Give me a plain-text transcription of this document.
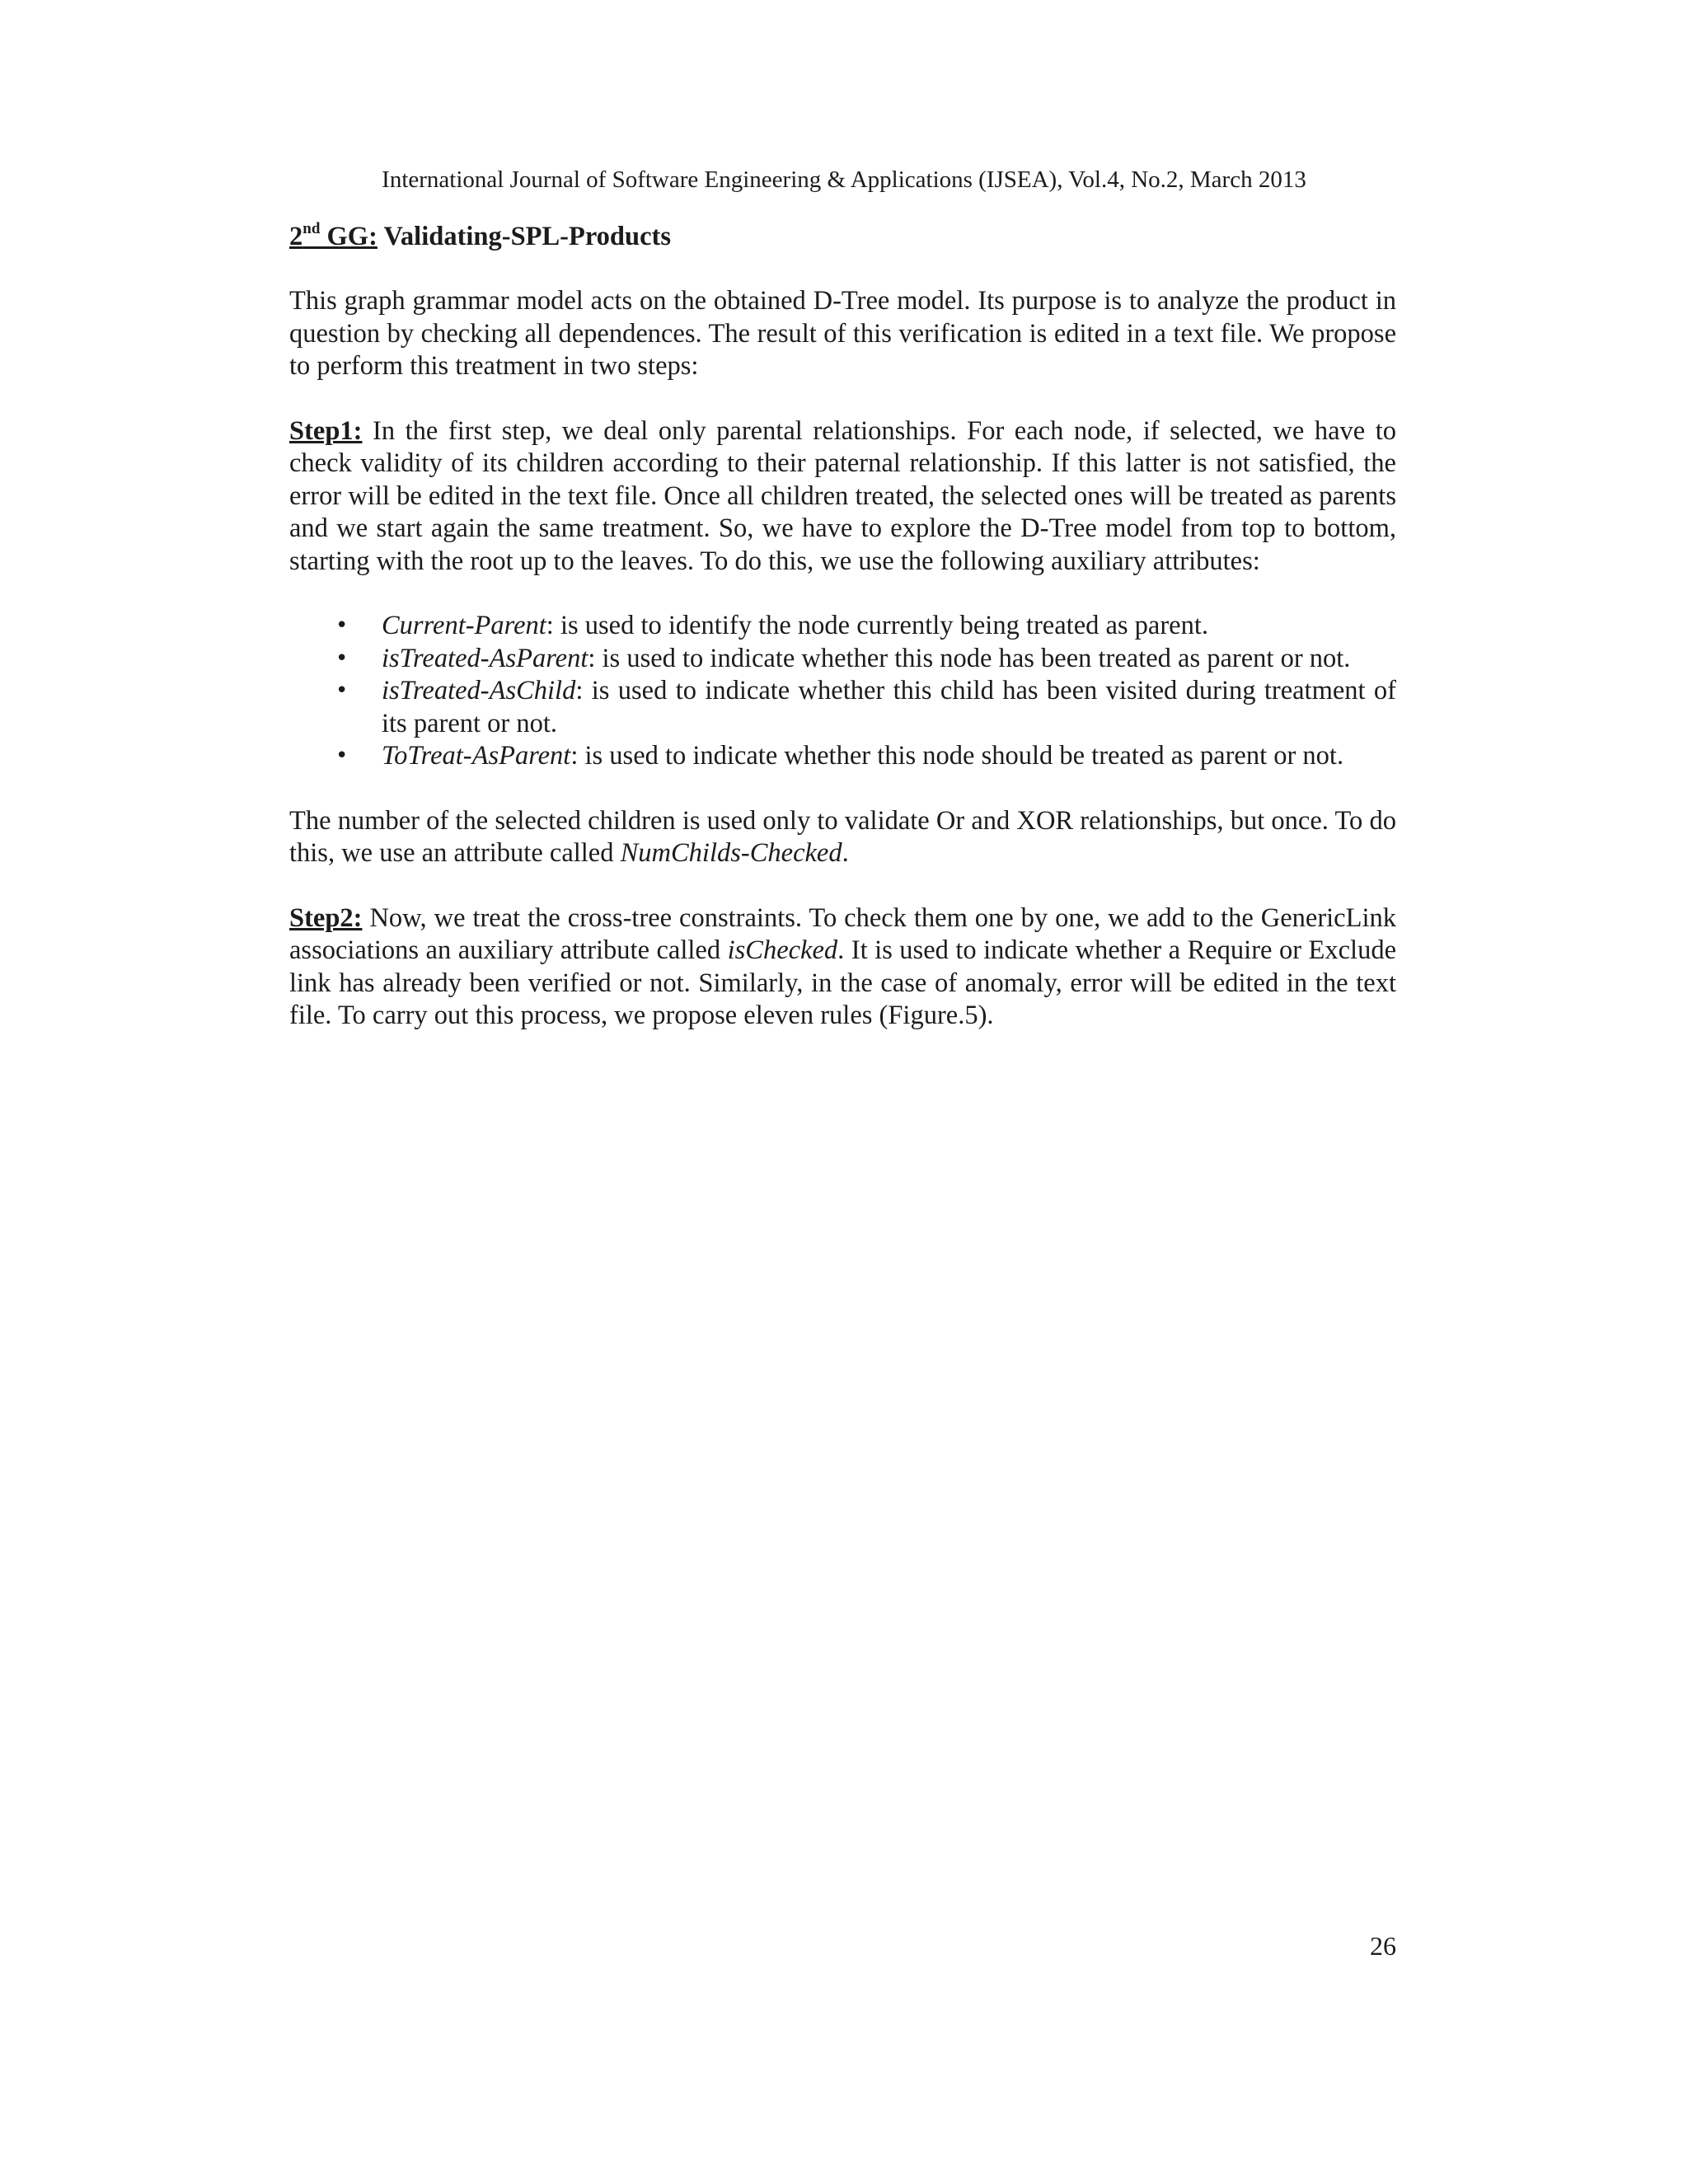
International Journal of Software Engineering & Applications (IJSEA), Vol.4, No.2, March 2013
2nd GG: Validating-SPL-Products

This graph grammar model acts on the obtained D-Tree model. Its purpose is to analyze the product in question by checking all dependences. The result of this verification is edited in a text file. We propose to perform this treatment in two steps:

Step1: In the first step, we deal only parental relationships. For each node, if selected, we have to check validity of its children according to their paternal relationship. If this latter is not satisfied, the error will be edited in the text file. Once all children treated, the selected ones will be treated as parents and we start again the same treatment. So, we have to explore the D-Tree model from top to bottom, starting with the root up to the leaves. To do this, we use the following auxiliary attributes:

• Current-Parent: is used to identify the node currently being treated as parent.
• isTreated-AsParent: is used to indicate whether this node has been treated as parent or not.
• isTreated-AsChild: is used to indicate whether this child has been visited during treatment of its parent or not.
• ToTreat-AsParent: is used to indicate whether this node should be treated as parent or not.

The number of the selected children is used only to validate Or and XOR relationships, but once. To do this, we use an attribute called NumChilds-Checked.

Step2: Now, we treat the cross-tree constraints. To check them one by one, we add to the GenericLink associations an auxiliary attribute called isChecked. It is used to indicate whether a Require or Exclude link has already been verified or not. Similarly, in the case of anomaly, error will be edited in the text file. To carry out this process, we propose eleven rules (Figure.5).

26
